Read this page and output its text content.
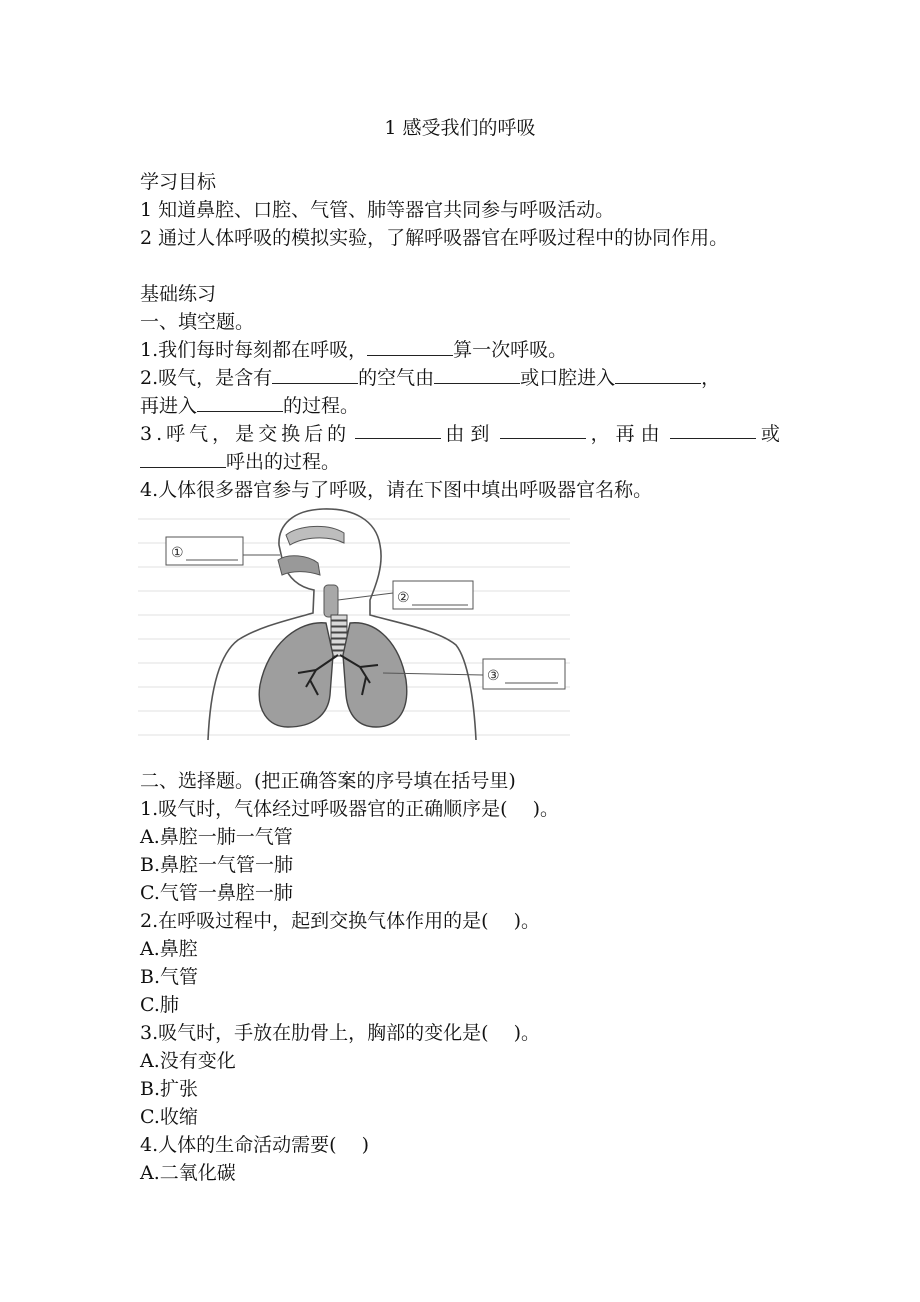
1 感受我们的呼吸
学习目标
1 知道鼻腔、口腔、气管、肺等器官共同参与呼吸活动。
2 通过人体呼吸的模拟实验，了解呼吸器官在呼吸过程中的协同作用。
基础练习
一、填空题。
1.我们每时每刻都在呼吸，	算一次呼吸。
2.吸气，是含有	的空气由	或口腔进入	，
再进入	的过程。
3.呼气，是交换后的	由到	，再由	或
呼出的过程。
4.人体很多器官参与了呼吸，请在下图中填出呼吸器官名称。
①
②
③
二、选择题。(把正确答案的序号填在括号里)
1.吸气时，气体经过呼吸器官的正确顺序是(　 )。
A.鼻腔一肺一气管
B.鼻腔一气管一肺
C.气管一鼻腔一肺
2.在呼吸过程中，起到交换气体作用的是(　 )。
A.鼻腔
B.气管
C.肺
3.吸气时，手放在肋骨上，胸部的变化是(　 )。
A.没有变化
B.扩张
C.收缩
4.人体的生命活动需要(　 )
A.二氧化碳
